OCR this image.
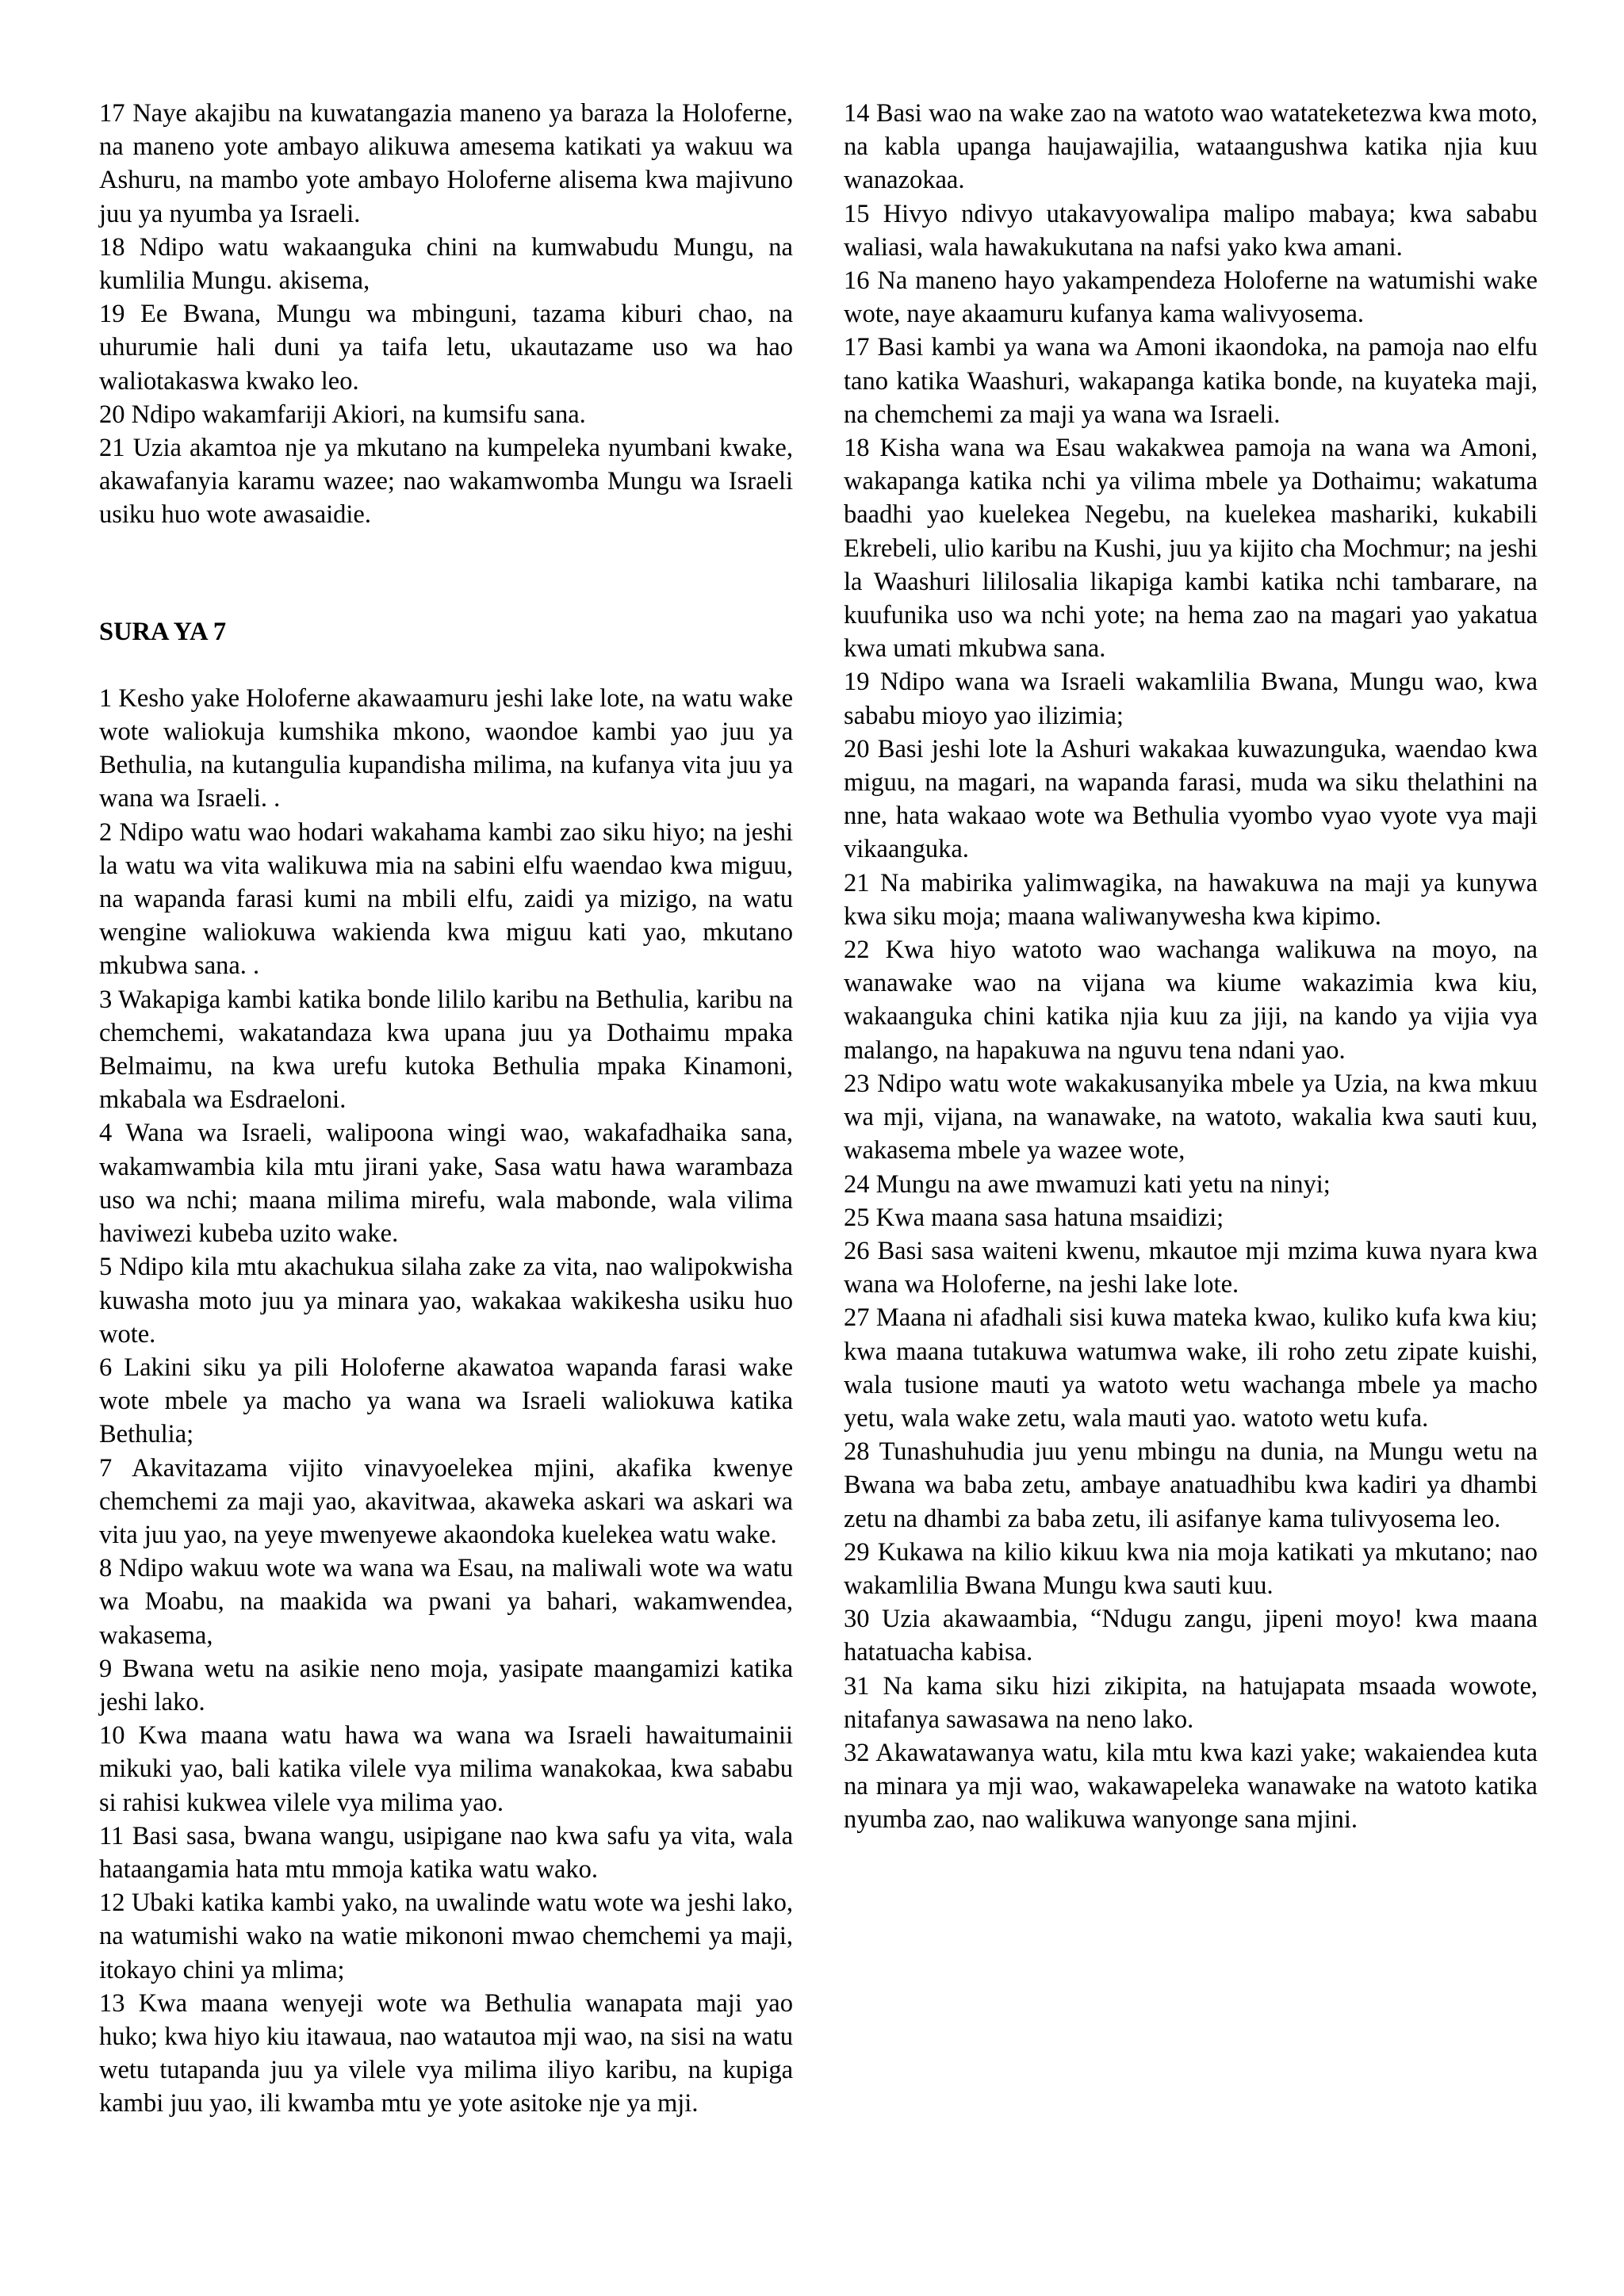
17 Naye akajibu na kuwatangazia maneno ya baraza la Holoferne, na maneno yote ambayo alikuwa amesema katikati ya wakuu wa Ashuru, na mambo yote ambayo Holoferne alisema kwa majivuno juu ya nyumba ya Israeli.

18 Ndipo watu wakaanguka chini na kumwabudu Mungu, na kumlilia Mungu. akisema,

19 Ee Bwana, Mungu wa mbinguni, tazama kiburi chao, na uhurumie hali duni ya taifa letu, ukautazame uso wa hao waliotakaswa kwako leo.

20 Ndipo wakamfariji Akiori, na kumsifu sana.

21 Uzia akamtoa nje ya mkutano na kumpeleka nyumbani kwake, akawafanyia karamu wazee; nao wakamwomba Mungu wa Israeli usiku huo wote awasaidie.

SURA YA 7

1 Kesho yake Holoferne akawaamuru jeshi lake lote, na watu wake wote waliokuja kumshika mkono, waondoe kambi yao juu ya Bethulia, na kutangulia kupandisha milima, na kufanya vita juu ya wana wa Israeli. .

2 Ndipo watu wao hodari wakahama kambi zao siku hiyo; na jeshi la watu wa vita walikuwa mia na sabini elfu waendao kwa miguu, na wapanda farasi kumi na mbili elfu, zaidi ya mizigo, na watu wengine waliokuwa wakienda kwa miguu kati yao, mkutano mkubwa sana. .

3 Wakapiga kambi katika bonde lililo karibu na Bethulia, karibu na chemchemi, wakatandaza kwa upana juu ya Dothaimu mpaka Belmaimu, na kwa urefu kutoka Bethulia mpaka Kinamoni, mkabala wa Esdraeloni.

4 Wana wa Israeli, walipoona wingi wao, wakafadhaika sana, wakamwambia kila mtu jirani yake, Sasa watu hawa warambaza uso wa nchi; maana milima mirefu, wala mabonde, wala vilima haviwezi kubeba uzito wake.

5 Ndipo kila mtu akachukua silaha zake za vita, nao walipokwisha kuwasha moto juu ya minara yao, wakakaa wakikesha usiku huo wote.

6 Lakini siku ya pili Holoferne akawatoa wapanda farasi wake wote mbele ya macho ya wana wa Israeli waliokuwa katika Bethulia;

7 Akavitazama vijito vinavyoelekea mjini, akafika kwenye chemchemi za maji yao, akavitwaa, akaweka askari wa askari wa vita juu yao, na yeye mwenyewe akaondoka kuelekea watu wake.

8 Ndipo wakuu wote wa wana wa Esau, na maliwali wote wa watu wa Moabu, na maakida wa pwani ya bahari, wakamwendea, wakasema,

9 Bwana wetu na asikie neno moja, yasipate maangamizi katika jeshi lako.

10 Kwa maana watu hawa wa wana wa Israeli hawaitumainii mikuki yao, bali katika vilele vya milima wanakokaa, kwa sababu si rahisi kukwea vilele vya milima yao.

11 Basi sasa, bwana wangu, usipigane nao kwa safu ya vita, wala hataangamia hata mtu mmoja katika watu wako.

12 Ubaki katika kambi yako, na uwalinde watu wote wa jeshi lako, na watumishi wako na watie mikononi mwao chemchemi ya maji, itokayo chini ya mlima;

13 Kwa maana wenyeji wote wa Bethulia wanapata maji yao huko; kwa hiyo kiu itawaua, nao watautoa mji wao, na sisi na watu wetu tutapanda juu ya vilele vya milima iliyo karibu, na kupiga kambi juu yao, ili kwamba mtu ye yote asitoke nje ya mji.

14 Basi wao na wake zao na watoto wao watateketezwa kwa moto, na kabla upanga haujawajilia, wataangushwa katika njia kuu wanazokaa.

15 Hivyo ndivyo utakavyowalipa malipo mabaya; kwa sababu waliasi, wala hawakukutana na nafsi yako kwa amani.

16 Na maneno hayo yakampendeza Holoferne na watumishi wake wote, naye akaamuru kufanya kama walivyosema.

17 Basi kambi ya wana wa Amoni ikaondoka, na pamoja nao elfu tano katika Waashuri, wakapanga katika bonde, na kuyateka maji, na chemchemi za maji ya wana wa Israeli.

18 Kisha wana wa Esau wakakwea pamoja na wana wa Amoni, wakapanga katika nchi ya vilima mbele ya Dothaimu; wakatuma baadhi yao kuelekea Negebu, na kuelekea mashariki, kukabili Ekrebeli, ulio karibu na Kushi, juu ya kijito cha Mochmur; na jeshi la Waashuri lililosalia likapiga kambi katika nchi tambarare, na kuufunika uso wa nchi yote; na hema zao na magari yao yakatua kwa umati mkubwa sana.

19 Ndipo wana wa Israeli wakamlilia Bwana, Mungu wao, kwa sababu mioyo yao ilizimia;

20 Basi jeshi lote la Ashuri wakakaa kuwazunguka, waendao kwa miguu, na magari, na wapanda farasi, muda wa siku thelathini na nne, hata wakaao wote wa Bethulia vyombo vyao vyote vya maji vikaanguka.

21 Na mabirika yalimwagika, na hawakuwa na maji ya kunywa kwa siku moja; maana waliwanywesha kwa kipimo.

22 Kwa hiyo watoto wao wachanga walikuwa na moyo, na wanawake wao na vijana wa kiume wakazimia kwa kiu, wakaanguka chini katika njia kuu za jiji, na kando ya vijia vya malango, na hapakuwa na nguvu tena ndani yao.

23 Ndipo watu wote wakakusanyika mbele ya Uzia, na kwa mkuu wa mji, vijana, na wanawake, na watoto, wakalia kwa sauti kuu, wakasema mbele ya wazee wote,

24 Mungu na awe mwamuzi kati yetu na ninyi;

25 Kwa maana sasa hatuna msaidizi;

26 Basi sasa waiteni kwenu, mkautoe mji mzima kuwa nyara kwa wana wa Holoferne, na jeshi lake lote.

27 Maana ni afadhali sisi kuwa mateka kwao, kuliko kufa kwa kiu; kwa maana tutakuwa watumwa wake, ili roho zetu zipate kuishi, wala tusione mauti ya watoto wetu wachanga mbele ya macho yetu, wala wake zetu, wala mauti yao. watoto wetu kufa.

28 Tunashuhudia juu yenu mbingu na dunia, na Mungu wetu na Bwana wa baba zetu, ambaye anatuadhibu kwa kadiri ya dhambi zetu na dhambi za baba zetu, ili asifanye kama tulivyosema leo.

29 Kukawa na kilio kikuu kwa nia moja katikati ya mkutano; nao wakamlilia Bwana Mungu kwa sauti kuu.

30 Uzia akawaambia, “Ndugu zangu, jipeni moyo! kwa maana hatatuacha kabisa.

31 Na kama siku hizi zikipita, na hatujapata msaada wowote, nitafanya sawasawa na neno lako.

32 Akawatawanya watu, kila mtu kwa kazi yake; wakaiendea kuta na minara ya mji wao, wakawapeleka wanawake na watoto katika nyumba zao, nao walikuwa wanyonge sana mjini.
